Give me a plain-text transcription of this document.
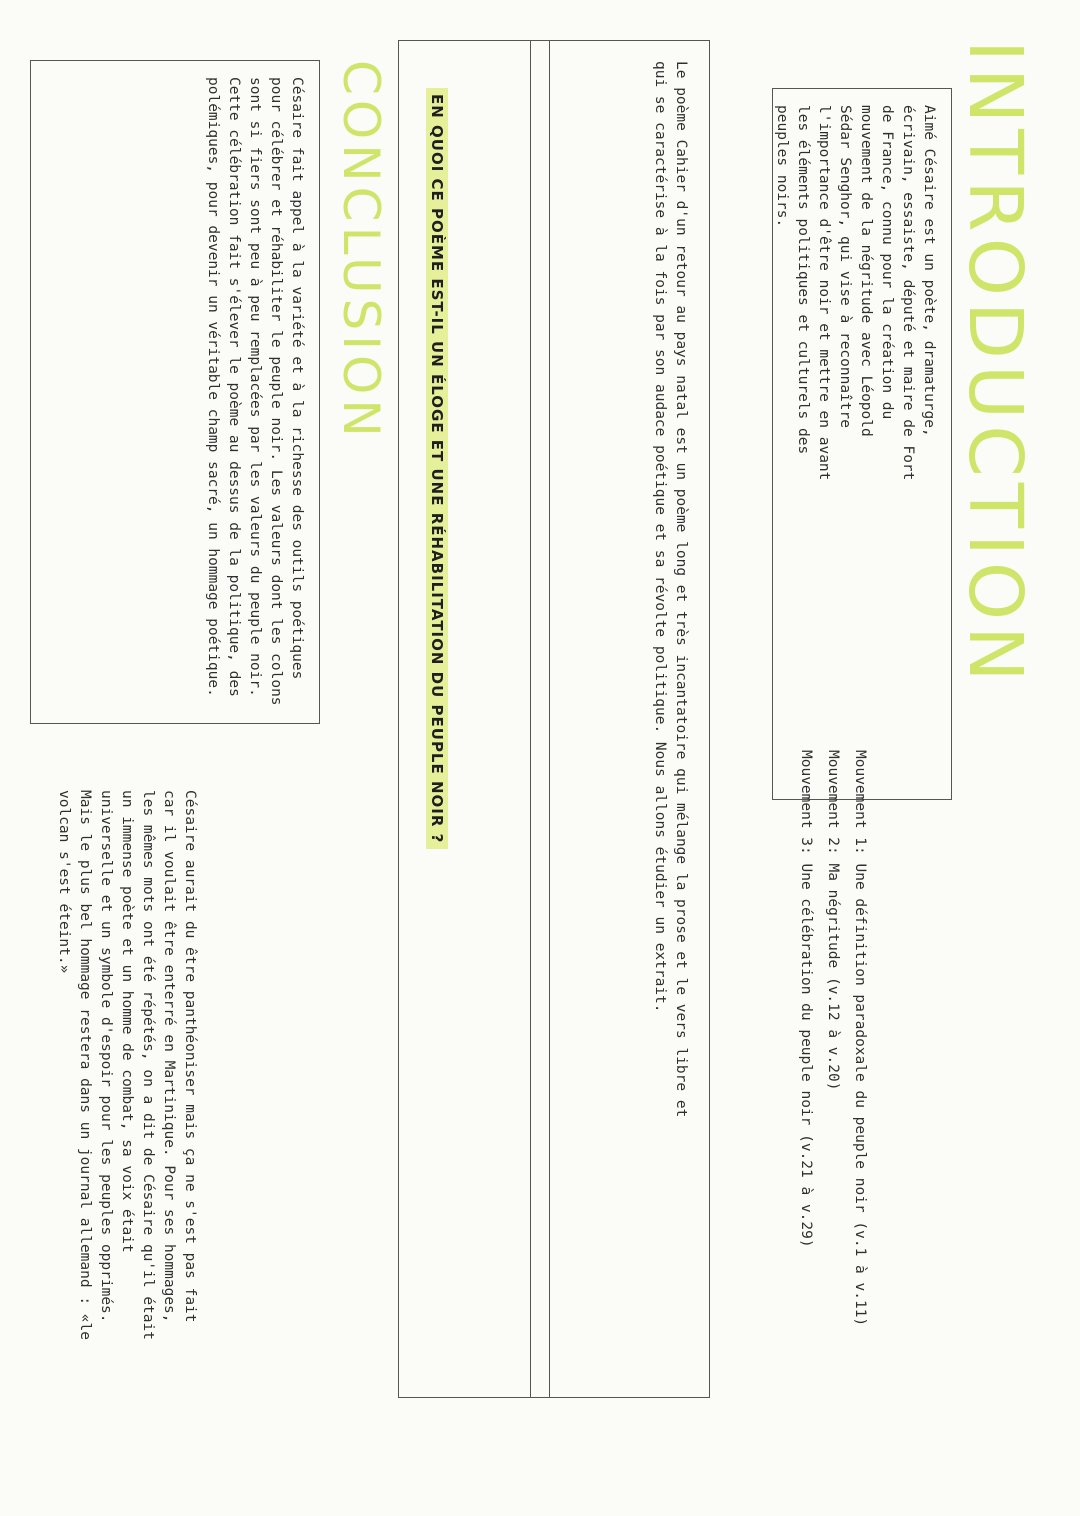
INTRODUCTION
Aimé Césaire est un poète, dramaturge, écrivain, essaiste, député et maire de Fort de France, connu pour la création du mouvement de la négritude avec Léopold Sédar Senghor, qui vise à reconnaître l'importance d'être noir et mettre en avant les éléments politiques et culturels des peuples noirs.

Mouvement 1: Une définition paradoxale du peuple noir (v.1 à v.11)

Mouvement 2: Ma négritude (v.12 à v.20)

Mouvement 3: Une célébration du peuple noir (v.21 à v.29)

Le poème Cahier d'un retour au pays natal est un poème long et très incantatoire qui mélange la prose et le vers libre et qui se caractérise à la fois par son audace poétique et sa révolte politique. Nous allons étudier un extrait.
EN QUOI CE POÈME EST-IL UN ÉLOGE ET UNE RÉHABILITATION DU PEUPLE NOIR ?
CONCLUSION
Césaire fait appel à la variété et à la richesse des outils poétiques pour célébrer et réhabiliter le peuple noir. Les valeurs dont les colons sont si fiers sont peu à peu remplacées par les valeurs du peuple noir. Cette célébration fait s'élever le poème au dessus de la politique, des polémiques, pour devenir un véritable champ sacré, un hommage poétique.
Césaire aurait du être panthéoniser mais ça ne s'est pas fait car il voulait être enterré en Martinique. Pour ses hommages, les mêmes mots ont été répétés, on a dit de Césaire qu'il était un immense poète et un homme de combat, sa voix était universelle et un symbole d'espoir pour les peuples opprimés. Mais le plus bel hommage restera dans un journal allemand : «le volcan s'est éteint.»
